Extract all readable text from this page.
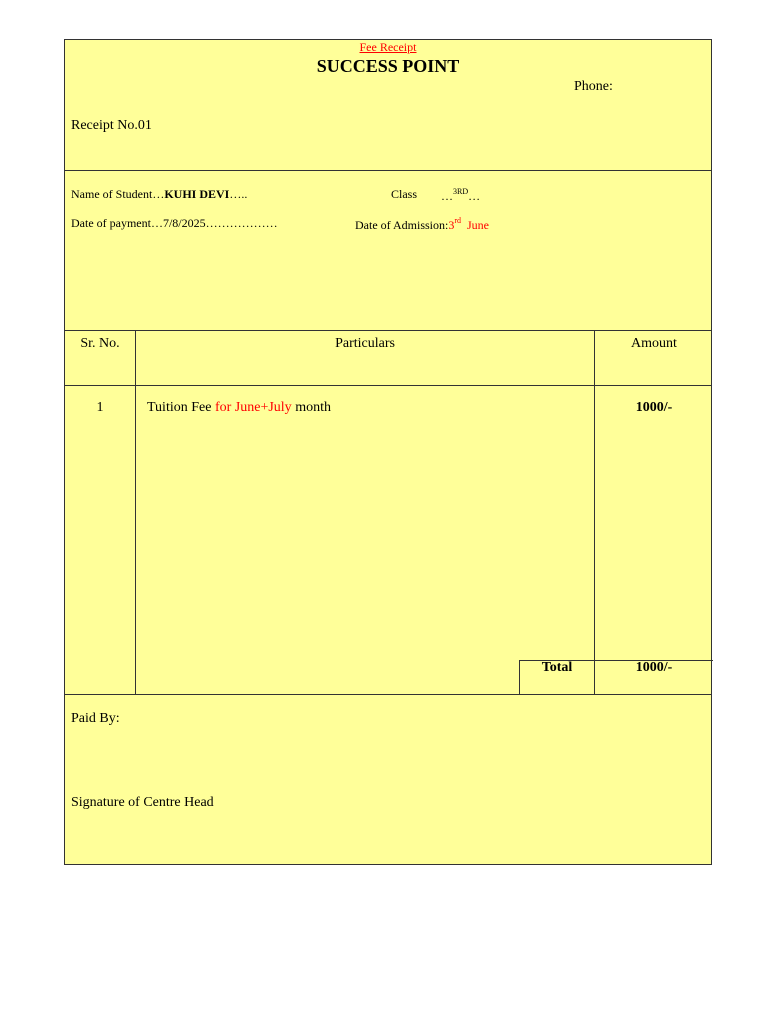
Fee Receipt
SUCCESS POINT
Phone:
Receipt No.01
Name of Student…KUHI DEVI…..	Class …$^{3RD}$…
Date of payment…7/8/2025………………	Date of Admission:3rd June
Sr. No.	Particulars	Amount
1	Tuition Fee for June+July month	1000/-
Total	1000/-
Paid By:
Signature of Centre Head
